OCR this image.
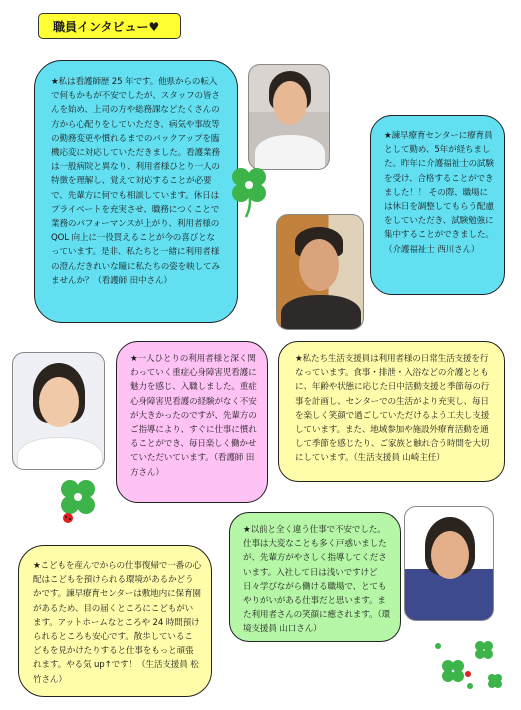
職員インタビュー♥
★私は看護師歴 25 年です。他県からの転入で何もかもが不安でしたが、スタッフの皆さんを始め、上司の方や総務課などたくさんの方から心配りをしていただき、病気や事故等の勤務変更や慣れるまでのバックアップを臨機応変に対応していただきました。看護業務は一般病院と異なり、利用者様ひとり一人の特徴を理解し、覚えて対応することが必要で、先輩方に何でも相談しています。休日はプライベートを充実させ、職務につくことで業務のパフォーマンスが上がり、利用者様の QOL 向上に一役買えることが今の喜びとなっています。是非、私たちと一緒に利用者様の澄んだきれいな瞳に私たちの姿を映してみませんか？（看護師 田中さん）
★諫早療育センターに療育員として勤め、5年が経ちました。昨年に介護福祉士の試験を受け、合格することができました！！ その際、職場には休日を調整してもらう配慮をしていただき、試験勉強に集中することができました。（介護福祉士 西川さん）
★一人ひとりの利用者様と深く関わっていく重症心身障害児看護に魅力を感じ、入職しました。重症心身障害児看護の経験がなく不安が大きかったのですが、先輩方のご指導により、すぐに仕事に慣れることができ、毎日楽しく働かせていただいています。（看護師 田方さん）
★私たち生活支援員は利用者様の日常生活支援を行なっています。食事・排泄・入浴などの介護とともに、年齢や状態に応じた日中活動支援と季節毎の行事を計画し、センターでの生活がより充実し、毎日を楽しく笑顔で過ごしていただけるよう工夫し支援しています。また、地域参加や施設外療育活動を通して季節を感じたり、ご家族と触れ合う時間を大切にしています。（生活支援員 山崎主任）
★以前と全く違う仕事で不安でした。仕事は大変なことも多く戸惑いましたが、先輩方がやさしく指導してくださいます。入社して日は浅いですけど日々学びながら働ける職場で、とてもやりがいがある仕事だと思います。また利用者さんの笑顔に癒されます。（環境支援員 山口さん）
★こどもを産んでからの仕事復帰で一番の心配はこどもを預けられる環境があるかどうかです。諫早療育センターは敷地内に保育園があるため、目の届くところにこどもがいます。アットホームなところや 24 時間預けられるところも安心です。散歩しているこどもを見かけたりすると仕事をもっと頑張れます。やる気 up↑です！（生活支援員 松竹さん）
